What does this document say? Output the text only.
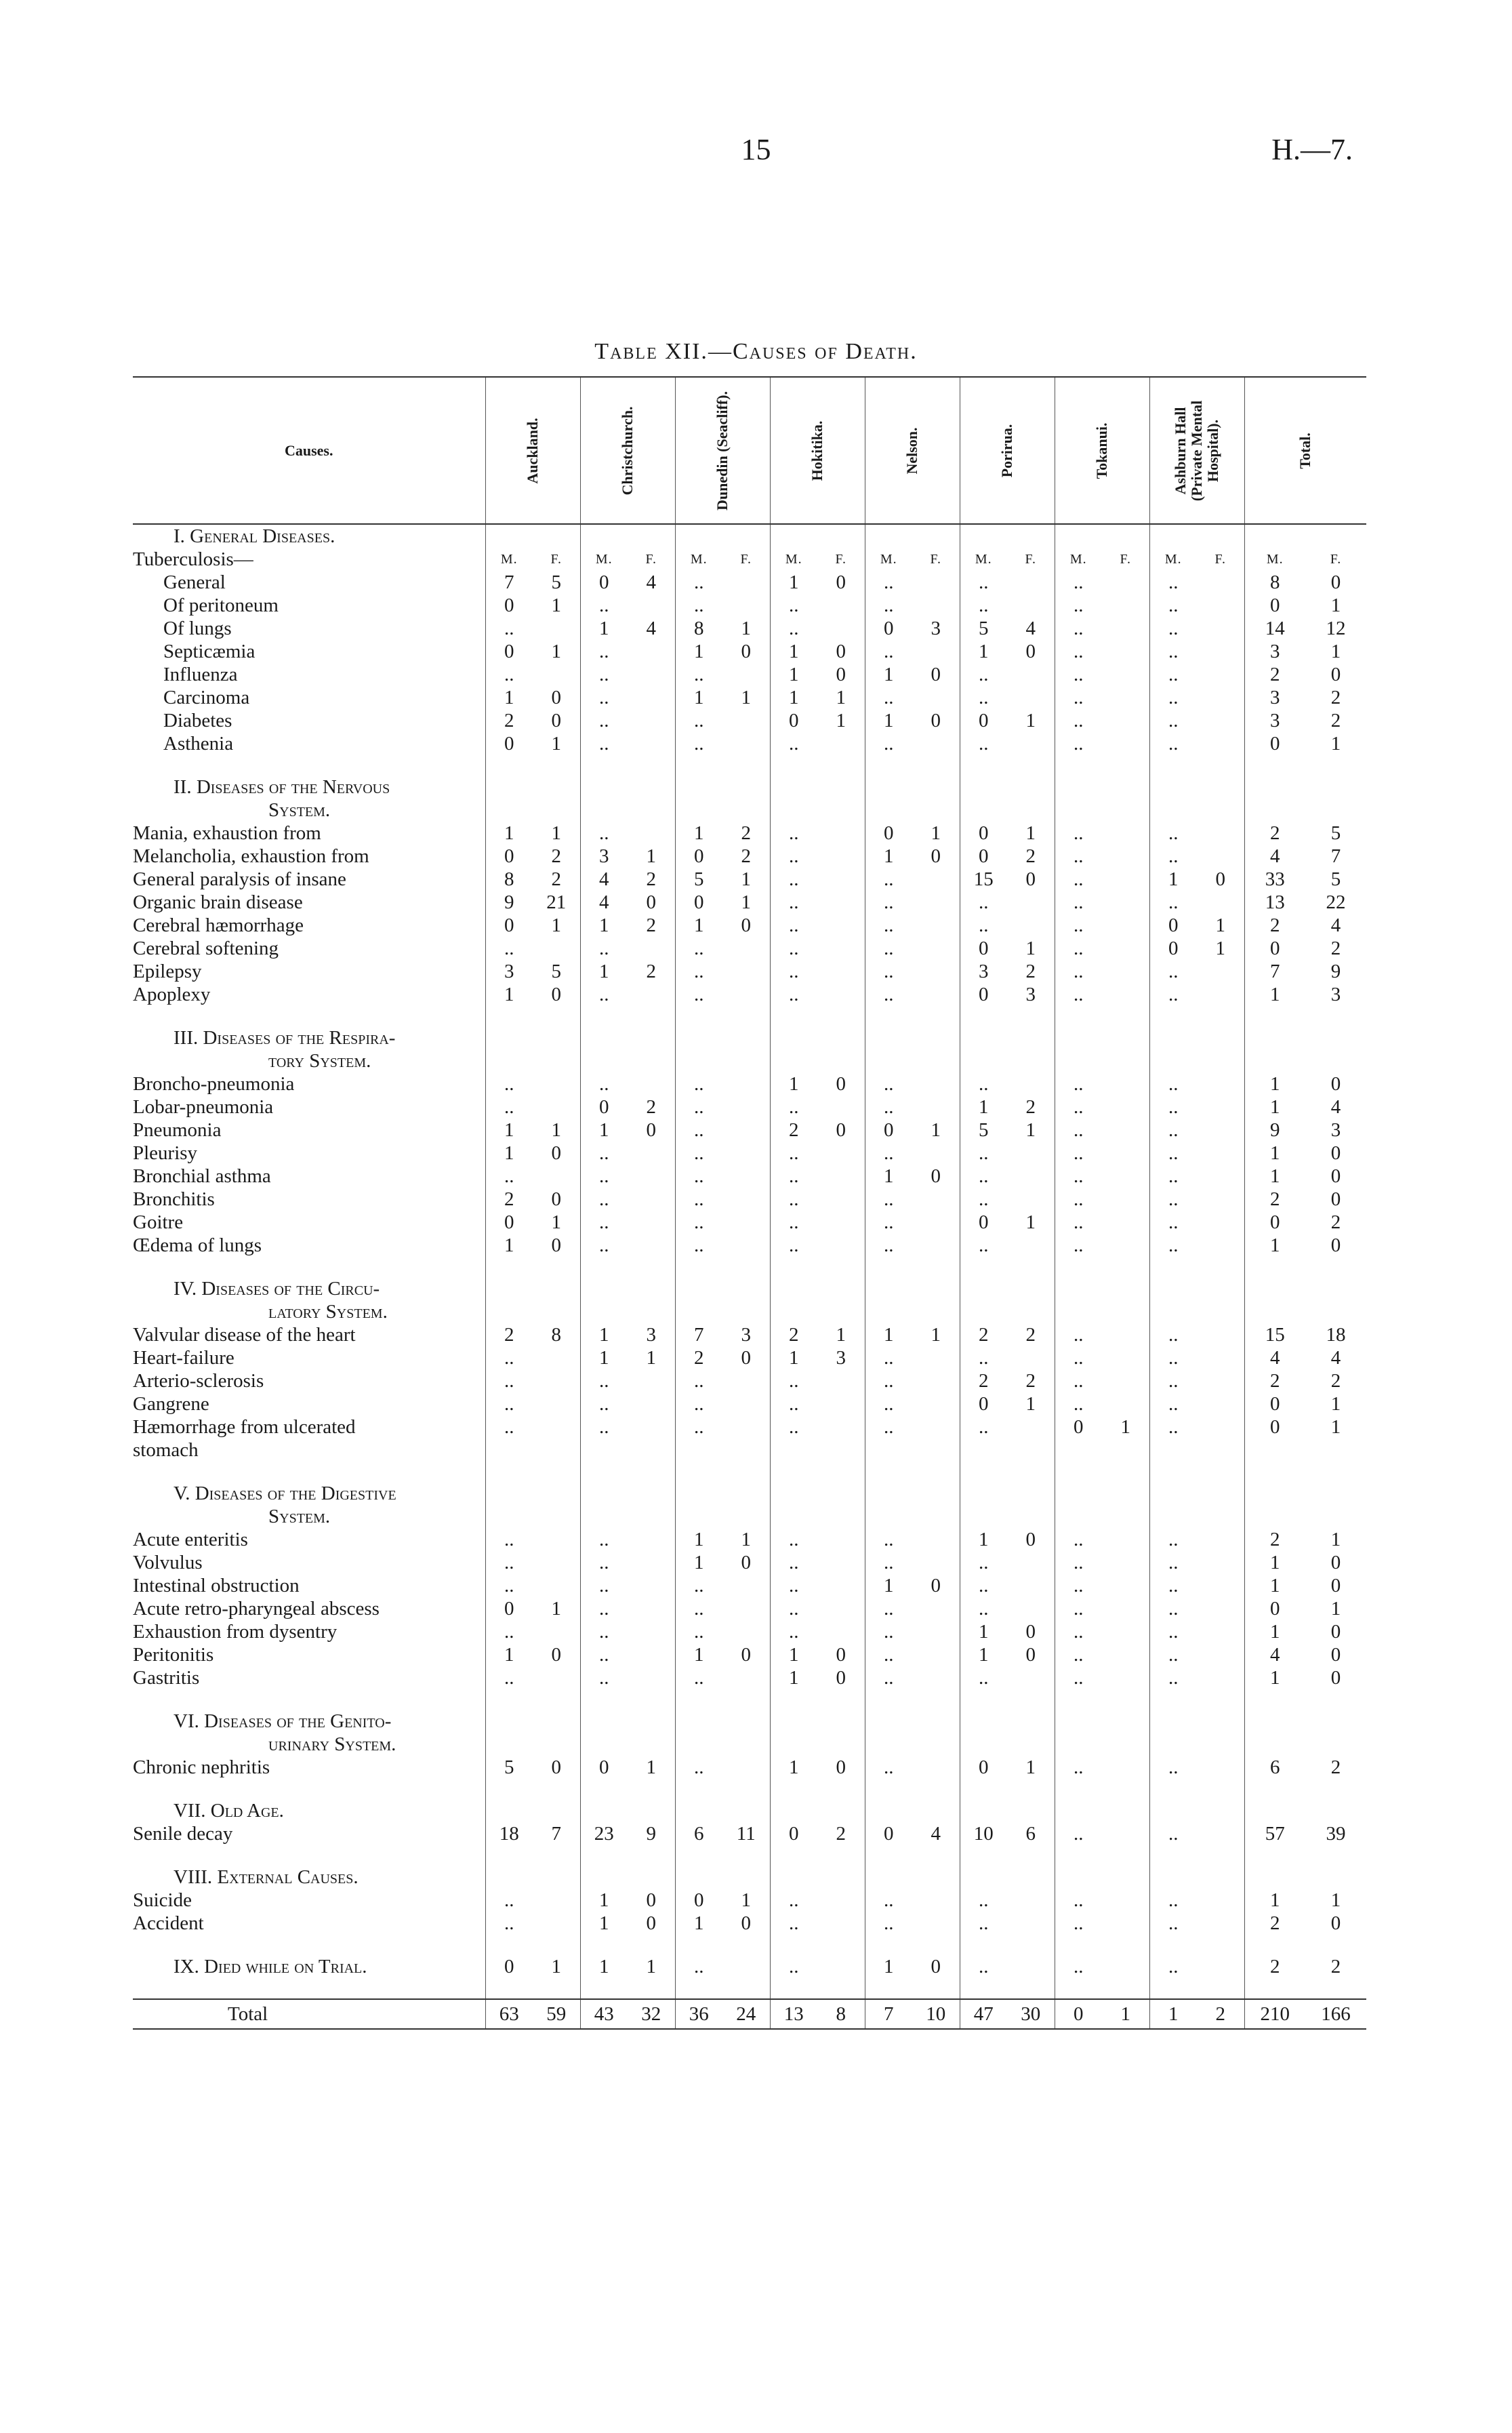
15	H.—7.
Table XII.—Causes of Death.
Causes.	Auckland.		Christchurch.		Dunedin (Seacliff).		Hokitika.		Nelson.		Porirua.		Tokanui.		Ashburn Hall (Private Mental Hospital).		Total.	

I. General Diseases.																		
Tuberculosis—	M.	F.	M.	F.	M.	F.	M.	F.	M.	F.	M.	F.	M.	F.	M.	F.	M.	F.
General	7	5	0	4	..		1	0	..		..		..		..		8	0
Of peritoneum	0	1	..		..		..		..		..		..		..		0	1
Of lungs	..		1	4	8	1	..		0	3	5	4	..		..		14	12
Septicæmia	0	1	..		1	0	1	0	..		1	0	..		..		3	1
Influenza	..		..		..		1	0	1	0	..		..		..		2	0
Carcinoma	1	0	..		1	1	1	1	..		..		..		..		3	2
Diabetes	2	0	..		..		0	1	1	0	0	1	..		..		3	2
Asthenia	0	1	..		..		..		..		..		..		..		0	1

II. Diseases of the Nervous																		
System.																		
Mania, exhaustion from	1	1	..		1	2	..		0	1	0	1	..		..		2	5
Melancholia, exhaustion from	0	2	3	1	0	2	..		1	0	0	2	..		..		4	7
General paralysis of insane	8	2	4	2	5	1	..		..		15	0	..		1	0	33	5
Organic brain disease	9	21	4	0	0	1	..		..		..		..		..		13	22
Cerebral hæmorrhage	0	1	1	2	1	0	..		..		..		..		0	1	2	4
Cerebral softening	..		..		..		..		..		0	1	..		0	1	0	2
Epilepsy	3	5	1	2	..		..		..		3	2	..		..		7	9
Apoplexy	1	0	..		..		..		..		0	3	..		..		1	3

III. Diseases of the Respira-																		
tory System.																		
Broncho-pneumonia	..		..		..		1	0	..		..		..		..		1	0
Lobar-pneumonia	..		0	2	..		..		..		1	2	..		..		1	4
Pneumonia	1	1	1	0	..		2	0	0	1	5	1	..		..		9	3
Pleurisy	1	0	..		..		..		..		..		..		..		1	0
Bronchial asthma	..		..		..		..		1	0	..		..		..		1	0
Bronchitis	2	0	..		..		..		..		..		..		..		2	0
Goitre	0	1	..		..		..		..		0	1	..		..		0	2
Œdema of lungs	1	0	..		..		..		..		..		..		..		1	0

IV. Diseases of the Circu-																		
latory System.																		
Valvular disease of the heart	2	8	1	3	7	3	2	1	1	1	2	2	..		..		15	18
Heart-failure	..		1	1	2	0	1	3	..		..		..		..		4	4
Arterio-sclerosis	..		..		..		..		..		2	2	..		..		2	2
Gangrene	..		..		..		..		..		0	1	..		..		0	1
Hæmorrhage from ulcerated	..		..		..		..		..		..		0	1	..		0	1
stomach																		

V. Diseases of the Digestive																		
System.																		
Acute enteritis	..		..		1	1	..		..		1	0	..		..		2	1
Volvulus	..		..		1	0	..		..		..		..		..		1	0
Intestinal obstruction	..		..		..		..		1	0	..		..		..		1	0
Acute retro-pharyngeal abscess	0	1	..		..		..		..		..		..		..		0	1
Exhaustion from dysentry	..		..		..		..		..		1	0	..		..		1	0
Peritonitis	1	0	..		1	0	1	0	..		1	0	..		..		4	0
Gastritis	..		..		..		1	0	..		..		..		..		1	0

VI. Diseases of the Genito-																		
urinary System.																		
Chronic nephritis	5	0	0	1	..		1	0	..		0	1	..		..		6	2

VII. Old Age.																		
Senile decay	18	7	23	9	6	11	0	2	0	4	10	6	..		..		57	39

VIII. External Causes.																		
Suicide	..		1	0	0	1	..		..		..		..		..		1	1
Accident	..		1	0	1	0	..		..		..		..		..		2	0

IX. Died while on Trial.	0	1	1	1	..		..		1	0	..		..		..		2	2

Total	63	59	43	32	36	24	13	8	7	10	47	30	0	1	1	2	210	166
